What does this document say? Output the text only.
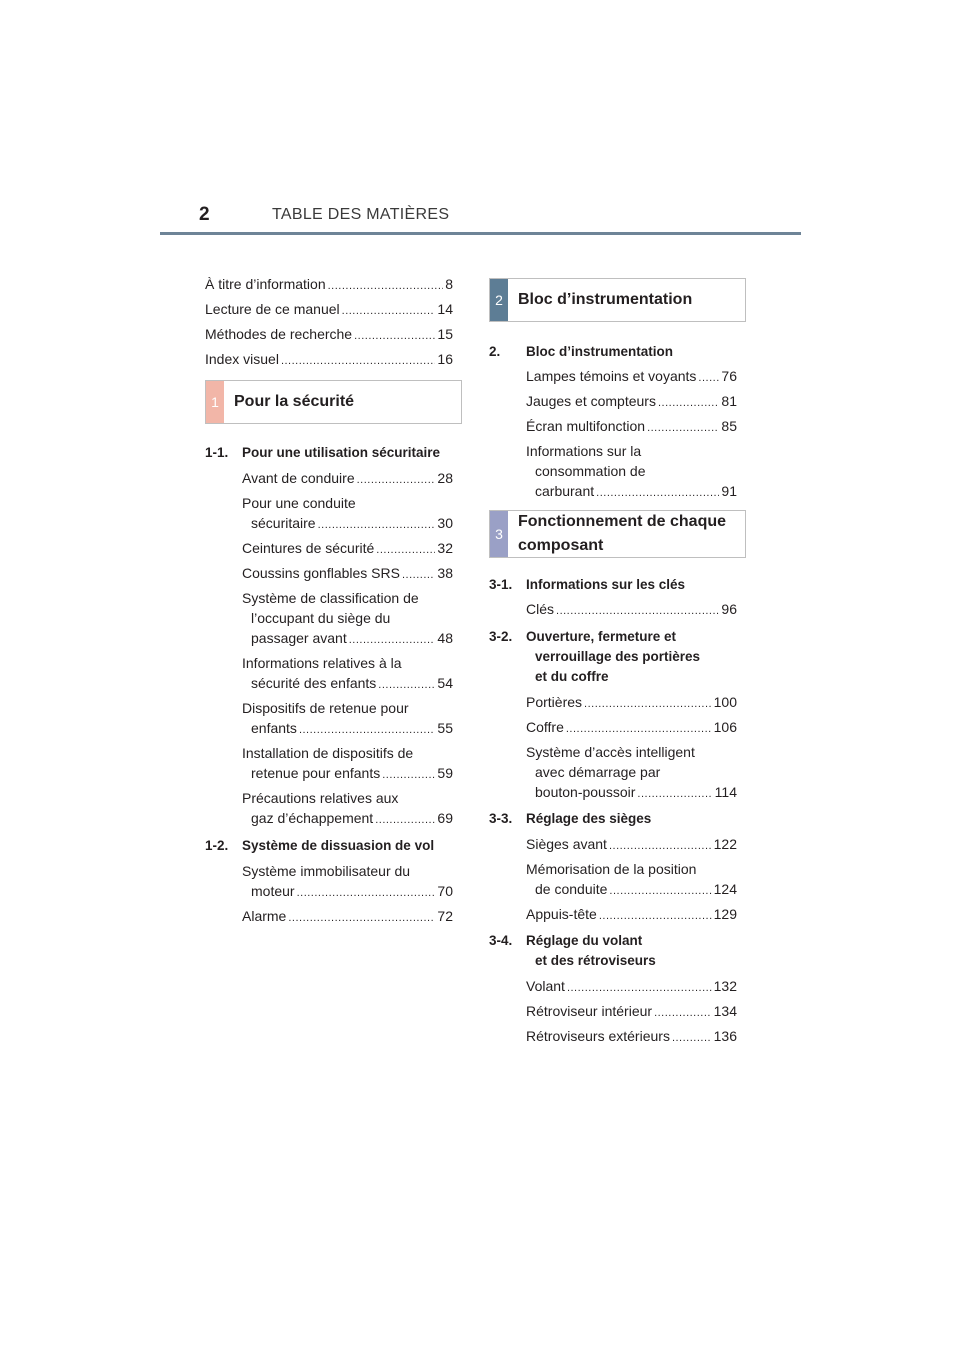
2	TABLE DES MATIÈRES
À titre d’information .....	8
Lecture de ce manuel .....	14
Méthodes de recherche .....	15
Index visuel .....	16
1 Pour la sécurité
1-1. Pour une utilisation sécuritaire
Avant de conduire .....	28
Pour une conduite
sécuritaire .....	30
Ceintures de sécurité .....	32
Coussins gonflables SRS .....	38
Système de classification de
l’occupant du siège du
passager avant .....	48
Informations relatives à la
sécurité des enfants .....	54
Dispositifs de retenue pour
enfants .....	55
Installation de dispositifs de
retenue pour enfants .....	59
Précautions relatives aux
gaz d’échappement .....	69
1-2. Système de dissuasion de vol
Système immobilisateur du
moteur .....	70
Alarme .....	72
2 Bloc d’instrumentation
2. Bloc d’instrumentation
Lampes témoins et voyants ..... 76
Jauges et compteurs .....	81
Écran multifonction .....	85
Informations sur la
consommation de
carburant .....	91
3
Fonctionnement de chaque
composant
3-1. Informations sur les clés
Clés .....	96
3-2. Ouverture, fermeture et
verrouillage des portières
et du coffre
Portières .....	100
Coffre .....	106
Système d’accès intelligent
avec démarrage par
bouton-poussoir .....	114
3-3. Réglage des sièges
Sièges avant .....	122
Mémorisation de la position
de conduite .....	124
Appuis-tête .....	129
3-4. Réglage du volant
et des rétroviseurs
Volant .....	132
Rétroviseur intérieur .....	134
Rétroviseurs extérieurs .....	136
